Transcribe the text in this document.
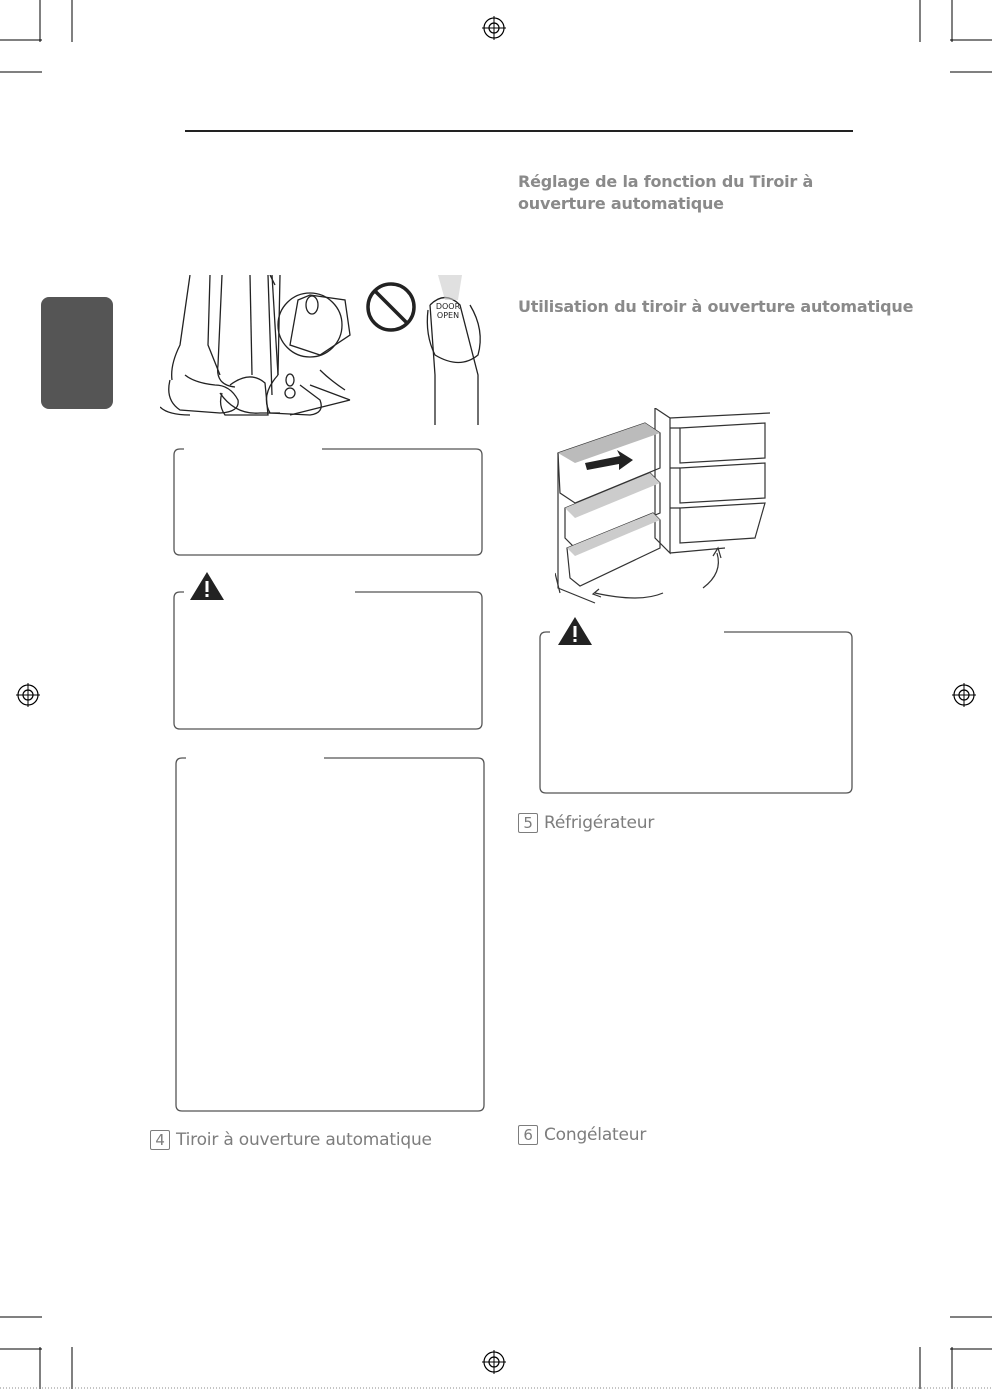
DOOR
OPEN
4 Tiroir à ouverture automatique
Réglage de la fonction du Tiroir à ouverture automatique
Utilisation du tiroir à ouverture automatique
5 Réfrigérateur
6 Congélateur
